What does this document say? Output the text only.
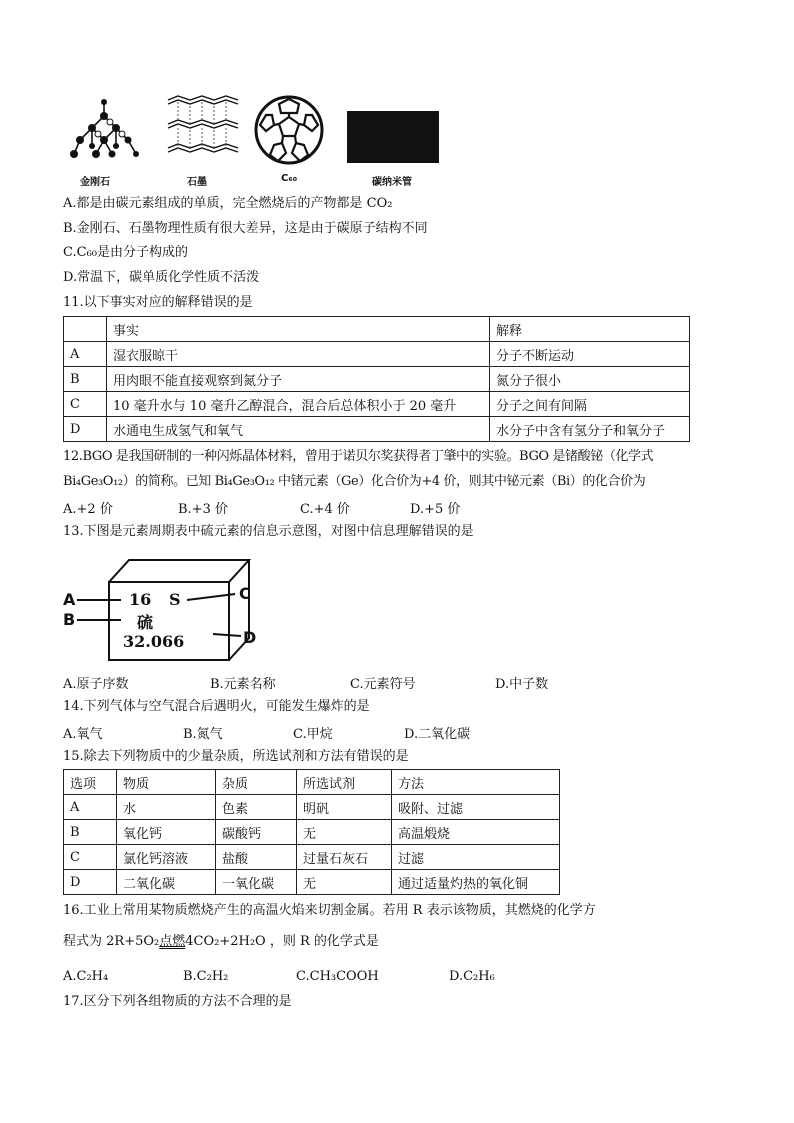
金刚石	石墨	C₆₀	碳纳米管
A.都是由碳元素组成的单质，完全燃烧后的产物都是 CO₂
B.金刚石、石墨物理性质有很大差异，这是由于碳原子结构不同
C.C₆₀是由分子构成的
D.常温下，碳单质化学性质不活泼
11.以下事实对应的解释错误的是
	事实	解释
A	湿衣服晾干	分子不断运动
B	用肉眼不能直接观察到氮分子	氮分子很小
C	10 毫升水与 10 毫升乙醇混合，混合后总体积小于 20 毫升	分子之间有间隔
D	水通电生成氢气和氧气	水分子中含有氢分子和氧分子
12.BGO 是我国研制的一种闪烁晶体材料，曾用于诺贝尔奖获得者丁肇中的实验。BGO 是锗酸铋（化学式
Bi₄Ge₃O₁₂）的简称。已知 Bi₄Ge₃O₁₂ 中锗元素（Ge）化合价为+4 价，则其中铋元素（Bi）的化合价为
A.+2 价	B.+3 价	C.+4 价	D.+5 价
13.下图是元素周期表中硫元素的信息示意图，对图中信息理解错误的是
A
B
C
D
16 S
硫
32.066
A.原子序数	B.元素名称	C.元素符号	D.中子数
14.下列气体与空气混合后遇明火，可能发生爆炸的是
A.氧气	B.氮气	C.甲烷	D.二氧化碳
15.除去下列物质中的少量杂质，所选试剂和方法有错误的是
选项	物质	杂质	所选试剂	方法
A	水	色素	明矾	吸附、过滤
B	氧化钙	碳酸钙	无	高温煅烧
C	氯化钙溶液	盐酸	过量石灰石	过滤
D	二氧化碳	一氧化碳	无	通过适量灼热的氧化铜
16.工业上常用某物质燃烧产生的高温火焰来切割金属。若用 R 表示该物质，其燃烧的化学方
程式为 2R+5O₂点燃4CO₂+2H₂O ，则 R 的化学式是
A.C₂H₄	B.C₂H₂	C.CH₃COOH	D.C₂H₆
17.区分下列各组物质的方法不合理的是
